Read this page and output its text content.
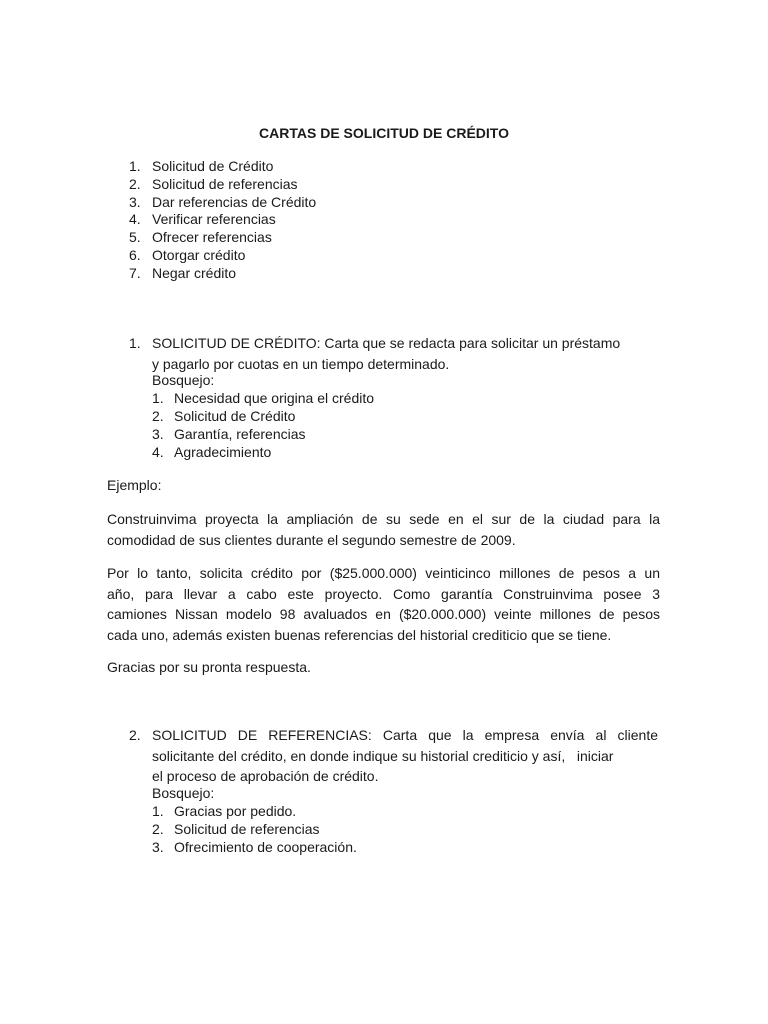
CARTAS DE SOLICITUD DE CRÉDITO
1. Solicitud de Crédito
2. Solicitud de referencias
3. Dar referencias de Crédito
4. Verificar referencias
5. Ofrecer referencias
6. Otorgar crédito
7. Negar crédito
1. SOLICITUD DE CRÉDITO: Carta que se redacta para solicitar un préstamo
y pagarlo por cuotas en un tiempo determinado.
Bosquejo:
1. Necesidad que origina el crédito
2. Solicitud de Crédito
3. Garantía, referencias
4. Agradecimiento
Ejemplo:
Construinvima proyecta la ampliación de su sede en el sur de la ciudad para la
comodidad de sus clientes durante el segundo semestre de 2009.
Por lo tanto, solicita crédito por ($25.000.000) veinticinco millones de pesos a un
año, para llevar a cabo este proyecto. Como garantía Construinvima posee 3
camiones Nissan modelo 98 avaluados en ($20.000.000) veinte millones de pesos
cada uno, además existen buenas referencias del historial crediticio que se tiene.
Gracias por su pronta respuesta.
2. SOLICITUD DE REFERENCIAS: Carta que la empresa envía al cliente
solicitante del crédito, en donde indique su historial crediticio y así,   iniciar
el proceso de aprobación de crédito.
Bosquejo:
1. Gracias por pedido.
2. Solicitud de referencias
3. Ofrecimiento de cooperación.
